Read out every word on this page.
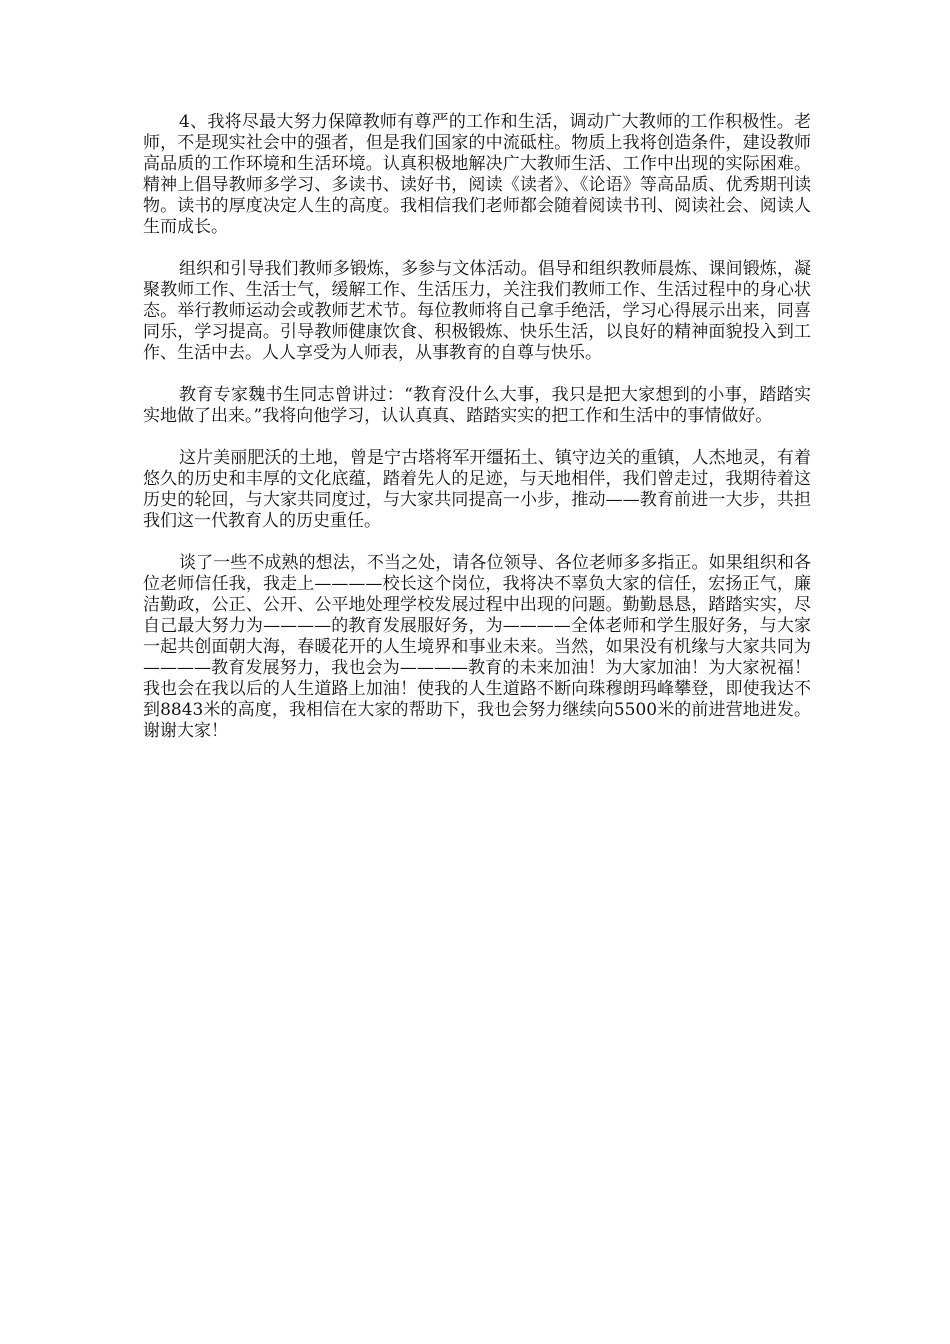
4、我将尽最大努力保障教师有尊严的工作和生活，调动广大教师的工作积极性。老师，不是现实社会中的强者，但是我们国家的中流砥柱。物质上我将创造条件，建设教师高品质的工作环境和生活环境。认真积极地解决广大教师生活、工作中出现的实际困难。精神上倡导教师多学习、多读书、读好书，阅读《读者》、《论语》等高品质、优秀期刊读物。读书的厚度决定人生的高度。我相信我们老师都会随着阅读书刊、阅读社会、阅读人生而成长。

组织和引导我们教师多锻炼，多参与文体活动。倡导和组织教师晨炼、课间锻炼，凝聚教师工作、生活士气，缓解工作、生活压力，关注我们教师工作、生活过程中的身心状态。举行教师运动会或教师艺术节。每位教师将自己拿手绝活，学习心得展示出来，同喜同乐，学习提高。引导教师健康饮食、积极锻炼、快乐生活，以良好的精神面貌投入到工作、生活中去。人人享受为人师表，从事教育的自尊与快乐。

教育专家魏书生同志曾讲过：“教育没什么大事，我只是把大家想到的小事，踏踏实实地做了出来。”我将向他学习，认认真真、踏踏实实的把工作和生活中的事情做好。

这片美丽肥沃的土地，曾是宁古塔将军开缰拓土、镇守边关的重镇，人杰地灵，有着悠久的历史和丰厚的文化底蕴，踏着先人的足迹，与天地相伴，我们曾走过，我期待着这历史的轮回，与大家共同度过，与大家共同提高一小步，推动——教育前进一大步，共担我们这一代教育人的历史重任。

谈了一些不成熟的想法，不当之处，请各位领导、各位老师多多指正。如果组织和各位老师信任我，我走上————校长这个岗位，我将决不辜负大家的信任，宏扬正气，廉洁勤政，公正、公开、公平地处理学校发展过程中出现的问题。勤勤恳恳，踏踏实实，尽自己最大努力为————的教育发展服好务，为————全体老师和学生服好务，与大家一起共创面朝大海，春暖花开的人生境界和事业未来。当然，如果没有机缘与大家共同为————教育发展努力，我也会为————教育的未来加油！为大家加油！为大家祝福！我也会在我以后的人生道路上加油！使我的人生道路不断向珠穆朗玛峰攀登，即使我达不到8843米的高度，我相信在大家的帮助下，我也会努力继续向5500米的前进营地进发。谢谢大家！
